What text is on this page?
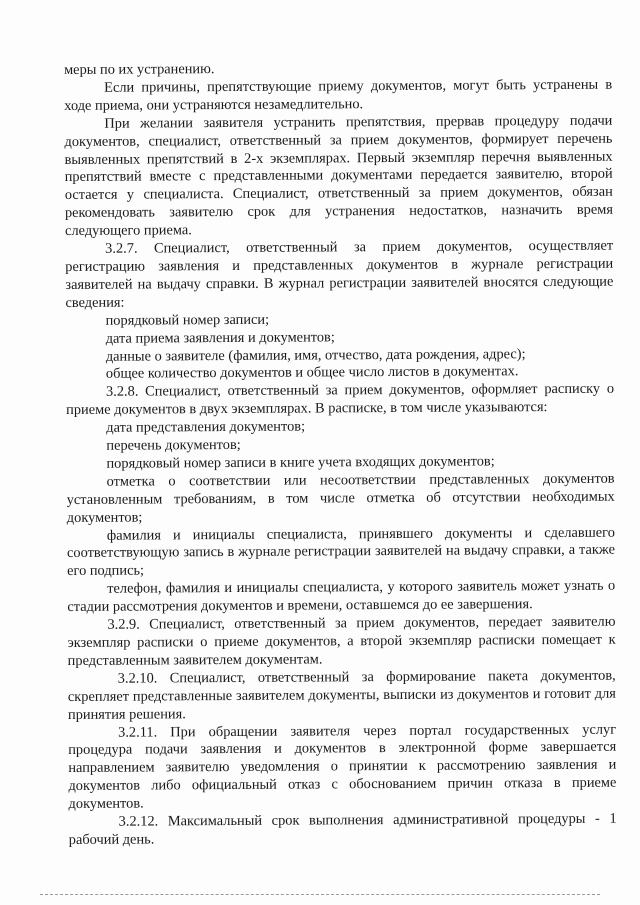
меры по их устранению.

Если причины, препятствующие приему документов, могут быть устранены в ходе приема, они устраняются незамедлительно.

При желании заявителя устранить препятствия, прервав процедуру подачи документов, специалист, ответственный за прием документов, формирует перечень выявленных препятствий в 2-х экземплярах. Первый экземпляр перечня выявленных препятствий вместе с представленными документами передается заявителю, второй остается у специалиста. Специалист, ответственный за прием документов, обязан рекомендовать заявителю срок для устранения недостатков, назначить время следующего приема.

3.2.7. Специалист, ответственный за прием документов, осуществляет регистрацию заявления и представленных документов в журнале регистрации заявителей на выдачу справки. В журнал регистрации заявителей вносятся следующие сведения:

порядковый номер записи;

дата приема заявления и документов;

данные о заявителе (фамилия, имя, отчество, дата рождения, адрес);

общее количество документов и общее число листов в документах.

3.2.8. Специалист, ответственный за прием документов, оформляет расписку о приеме документов в двух экземплярах. В расписке, в том числе указываются:

дата представления документов;

перечень документов;

порядковый номер записи в книге учета входящих документов;

отметка о соответствии или несоответствии представленных документов установленным требованиям, в том числе отметка об отсутствии необходимых документов;

фамилия и инициалы специалиста, принявшего документы и сделавшего соответствующую запись в журнале регистрации заявителей на выдачу справки, а также его подпись;

телефон, фамилия и инициалы специалиста, у которого заявитель может узнать о стадии рассмотрения документов и времени, оставшемся до ее завершения.

3.2.9. Специалист, ответственный за прием документов, передает заявителю экземпляр расписки о приеме документов, а второй экземпляр расписки помещает к представленным заявителем документам.

3.2.10. Специалист, ответственный за формирование пакета документов, скрепляет представленные заявителем документы, выписки из документов и готовит для принятия решения.

3.2.11. При обращении заявителя через портал государственных услуг процедура подачи заявления и документов в электронной форме завершается направлением заявителю уведомления о принятии к рассмотрению заявления и документов либо официальный отказ с обоснованием причин отказа в приеме документов.

3.2.12. Максимальный срок выполнения административной процедуры - 1 рабочий день.
